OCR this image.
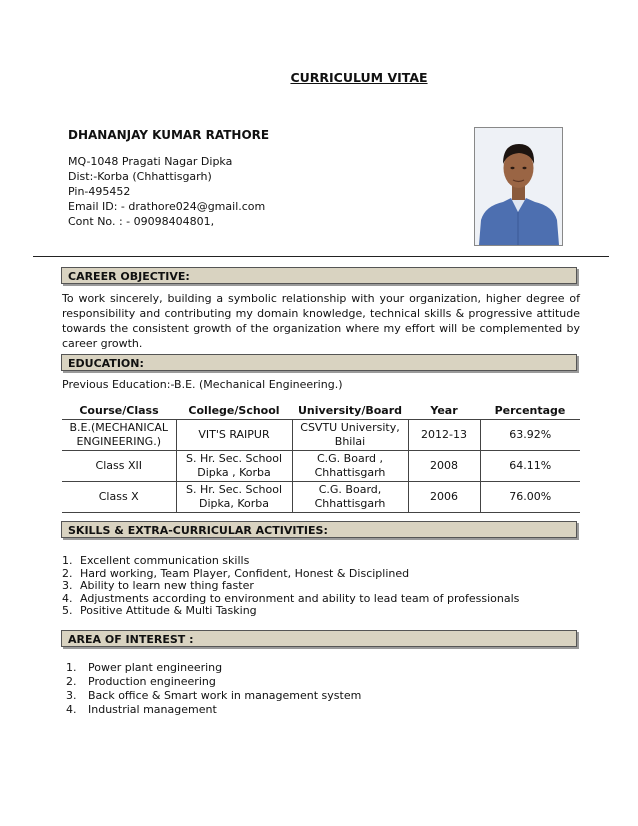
CURRICULUM VITAE
DHANANJAY KUMAR RATHORE
MQ-1048 Pragati Nagar Dipka
Dist:-Korba (Chhattisgarh)
Pin-495452
Email ID: - drathore024@gmail.com
Cont No. : - 09098404801,
CAREER OBJECTIVE:
To work sincerely, building a symbolic relationship with your organization, higher degree of responsibility and contributing my domain knowledge, technical skills & progressive attitude towards the consistent growth of the organization where my effort will be complemented by career growth.
EDUCATION:
Previous Education:-B.E. (Mechanical Engineering.)
Course/Class	College/School	University/Board	Year	Percentage
B.E.(MECHANICAL ENGINEERING.)	VIT'S RAIPUR	CSVTU University, Bhilai	2012-13	63.92%
Class XII	S. Hr. Sec. School Dipka , Korba	C.G. Board , Chhattisgarh	2008	64.11%
Class X	S. Hr. Sec. School Dipka, Korba	C.G. Board, Chhattisgarh	2006	76.00%
SKILLS & EXTRA-CURRICULAR ACTIVITIES:
1. Excellent communication skills
2. Hard working, Team Player, Confident, Honest & Disciplined
3. Ability to learn new thing faster
4. Adjustments according to environment and ability to lead team of professionals
5. Positive Attitude & Multi Tasking
AREA OF INTEREST :
1. Power plant engineering
2. Production engineering
3. Back office & Smart work in management system
4. Industrial management
